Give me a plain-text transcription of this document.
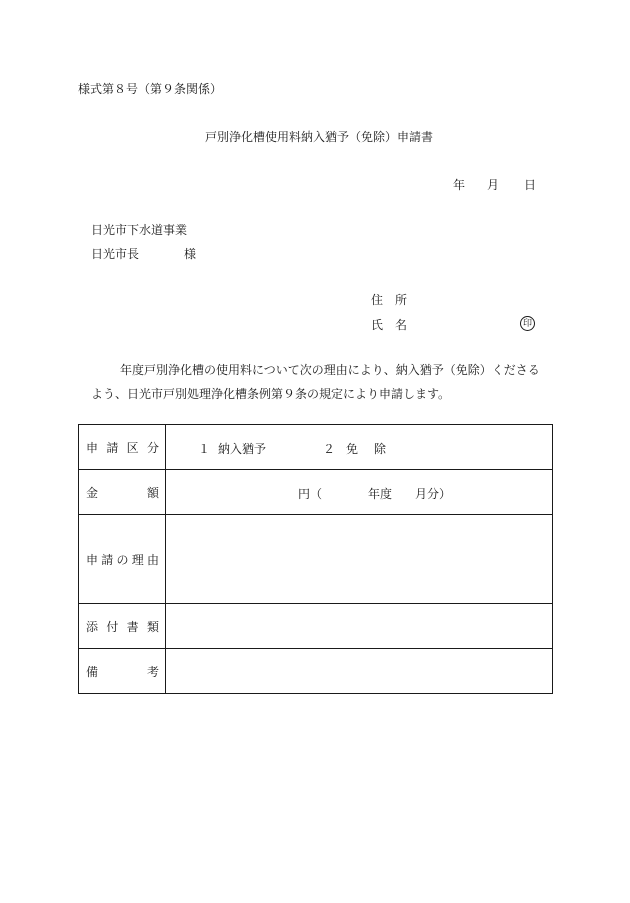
様式第８号（第９条関係）
戸別浄化槽使用料納入猶予（免除）申請書
年 月 日
日光市下水道事業
日光市長	様
住　所
氏　名	印
年度戸別浄化槽の使用料について次の理由により、納入猶予（免除）くださる
よう、日光市戸別処理浄化槽条例第９条の規定により申請します。
申請区分	１ 納入猶予 ２ 免除

金額	円（ 年度 月分）

申請の理由	
添付書類	
備考	
